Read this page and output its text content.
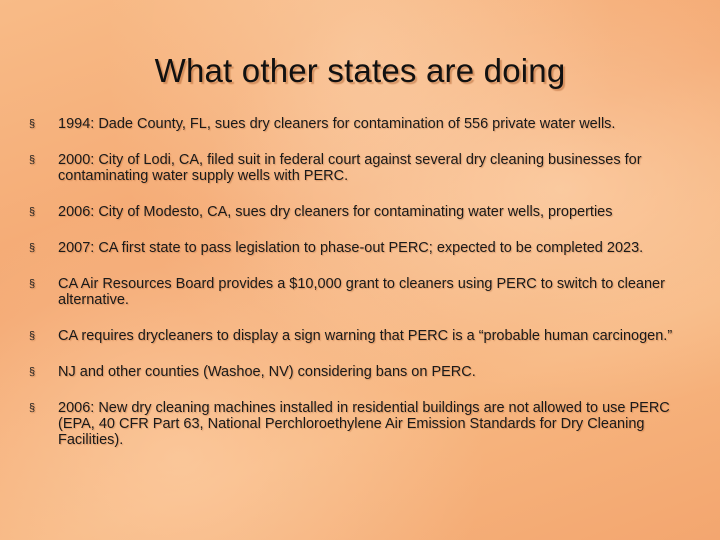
What other states are doing
§ 1994: Dade County, FL, sues dry cleaners for contamination of 556 private water wells.
§ 2000: City of Lodi, CA, filed suit in federal court against several dry cleaning businesses for contaminating water supply wells with PERC.
§ 2006: City of Modesto, CA, sues dry cleaners for contaminating water wells, properties
§ 2007: CA first state to pass legislation to phase-out PERC; expected to be completed 2023.
§ CA Air Resources Board provides a $10,000 grant to cleaners using PERC to switch to cleaner alternative.
§ CA requires drycleaners to display a sign warning that PERC is a “probable human carcinogen.”
§ NJ and other counties (Washoe, NV) considering bans on PERC.
§ 2006: New dry cleaning machines installed in residential buildings are not allowed to use PERC (EPA, 40 CFR Part 63, National Perchloroethylene Air Emission Standards for Dry Cleaning Facilities).
